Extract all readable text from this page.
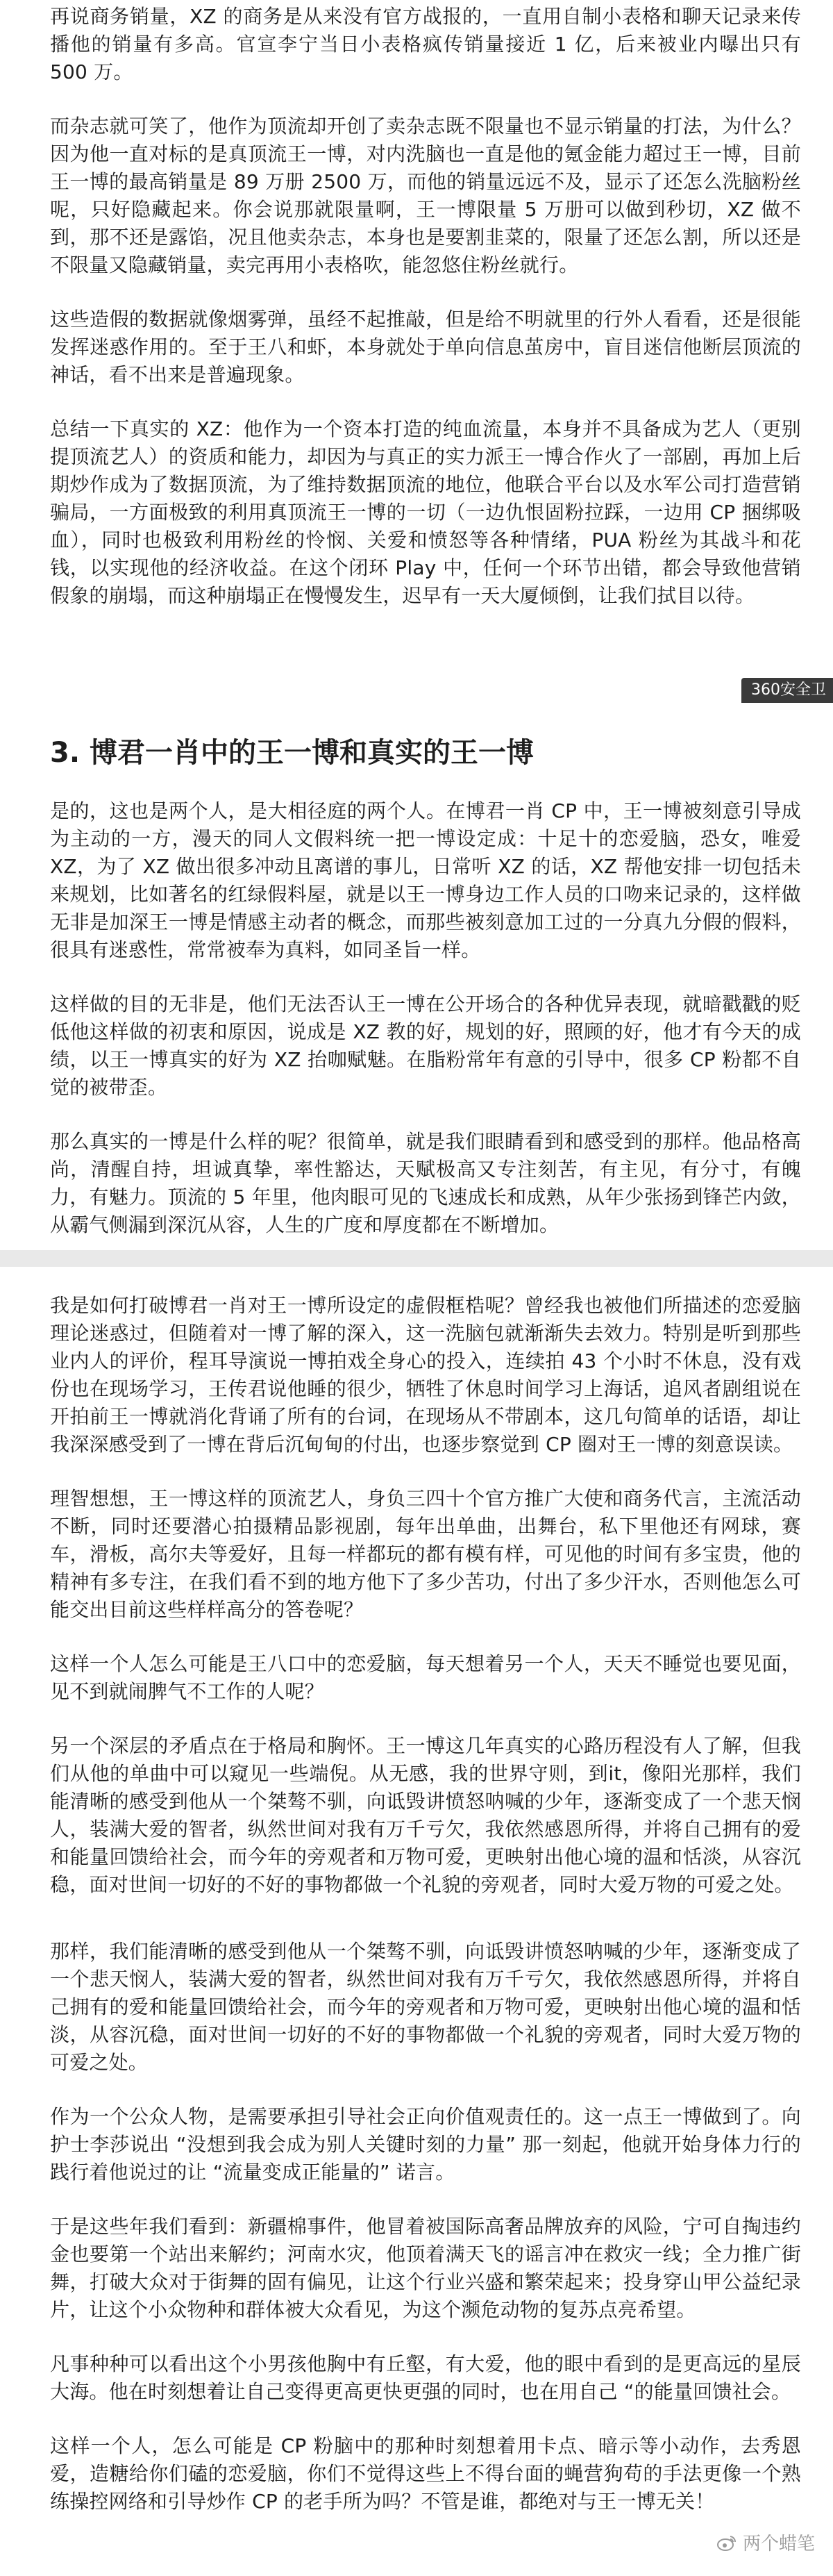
再说商务销量，XZ 的商务是从来没有官方战报的，一直用自制小表格和聊天记录来传播他的销量有多高。官宣李宁当日小表格疯传销量接近 1 亿，后来被业内曝出只有 500 万。

而杂志就可笑了，他作为顶流却开创了卖杂志既不限量也不显示销量的打法，为什么？因为他一直对标的是真顶流王一博，对内洗脑也一直是他的氪金能力超过王一博，目前王一博的最高销量是 89 万册 2500 万，而他的销量远远不及，显示了还怎么洗脑粉丝呢，只好隐藏起来。你会说那就限量啊，王一博限量 5 万册可以做到秒切，XZ 做不到，那不还是露馅，况且他卖杂志，本身也是要割韭菜的，限量了还怎么割，所以还是不限量又隐藏销量，卖完再用小表格吹，能忽悠住粉丝就行。

这些造假的数据就像烟雾弹，虽经不起推敲，但是给不明就里的行外人看看，还是很能发挥迷惑作用的。至于王八和虾，本身就处于单向信息茧房中，盲目迷信他断层顶流的神话，看不出来是普遍现象。

总结一下真实的 XZ：他作为一个资本打造的纯血流量，本身并不具备成为艺人（更别提顶流艺人）的资质和能力，却因为与真正的实力派王一博合作火了一部剧，再加上后期炒作成为了数据顶流，为了维持数据顶流的地位，他联合平台以及水军公司打造营销骗局，一方面极致的利用真顶流王一博的一切（一边仇恨固粉拉踩，一边用 CP 捆绑吸血），同时也极致利用粉丝的怜悯、关爱和愤怒等各种情绪，PUA 粉丝为其战斗和花钱，以实现他的经济收益。在这个闭环 Play 中，任何一个环节出错，都会导致他营销假象的崩塌，而这种崩塌正在慢慢发生，迟早有一天大厦倾倒，让我们拭目以待。

360安全卫
3. 博君一肖中的王一博和真实的王一博

是的，这也是两个人，是大相径庭的两个人。在博君一肖 CP 中，王一博被刻意引导成为主动的一方，漫天的同人文假料统一把一博设定成：十足十的恋爱脑，恐女，唯爱 XZ，为了 XZ 做出很多冲动且离谱的事儿，日常听 XZ 的话，XZ 帮他安排一切包括未来规划，比如著名的红绿假料屋，就是以王一博身边工作人员的口吻来记录的，这样做无非是加深王一博是情感主动者的概念，而那些被刻意加工过的一分真九分假的假料，很具有迷惑性，常常被奉为真料，如同圣旨一样。

这样做的目的无非是，他们无法否认王一博在公开场合的各种优异表现，就暗戳戳的贬低他这样做的初衷和原因，说成是 XZ 教的好，规划的好，照顾的好，他才有今天的成绩，以王一博真实的好为 XZ 抬咖赋魅。在脂粉常年有意的引导中，很多 CP 粉都不自觉的被带歪。

那么真实的一博是什么样的呢？很简单，就是我们眼睛看到和感受到的那样。他品格高尚，清醒自持，坦诚真挚，率性豁达，天赋极高又专注刻苦，有主见，有分寸，有魄力，有魅力。顶流的 5 年里，他肉眼可见的飞速成长和成熟，从年少张扬到锋芒内敛，从霸气侧漏到深沉从容，人生的广度和厚度都在不断增加。

我是如何打破博君一肖对王一博所设定的虚假框梏呢？曾经我也被他们所描述的恋爱脑理论迷惑过，但随着对一博了解的深入，这一洗脑包就渐渐失去效力。特别是听到那些业内人的评价，程耳导演说一博拍戏全身心的投入，连续拍 43 个小时不休息，没有戏份也在现场学习，王传君说他睡的很少，牺牲了休息时间学习上海话，追风者剧组说在开拍前王一博就消化背诵了所有的台词，在现场从不带剧本，这几句简单的话语，却让我深深感受到了一博在背后沉甸甸的付出，也逐步察觉到 CP 圈对王一博的刻意误读。

理智想想，王一博这样的顶流艺人，身负三四十个官方推广大使和商务代言，主流活动不断，同时还要潜心拍摄精品影视剧，每年出单曲，出舞台，私下里他还有网球，赛车，滑板，高尔夫等爱好，且每一样都玩的都有模有样，可见他的时间有多宝贵，他的精神有多专注，在我们看不到的地方他下了多少苦功，付出了多少汗水，否则他怎么可能交出目前这些样样高分的答卷呢？

这样一个人怎么可能是王八口中的恋爱脑，每天想着另一个人，天天不睡觉也要见面，见不到就闹脾气不工作的人呢？

另一个深层的矛盾点在于格局和胸怀。王一博这几年真实的心路历程没有人了解，但我们从他的单曲中可以窥见一些端倪。从无感，我的世界守则，到it，像阳光那样，我们能清晰的感受到他从一个桀骜不驯，向诋毁讲愤怒呐喊的少年，逐渐变成了一个悲天悯人，装满大爱的智者，纵然世间对我有万千亏欠，我依然感恩所得，并将自己拥有的爱和能量回馈给社会，而今年的旁观者和万物可爱，更映射出他心境的温和恬淡，从容沉稳，面对世间一切好的不好的事物都做一个礼貌的旁观者，同时大爱万物的可爱之处。

那样，我们能清晰的感受到他从一个桀骜不驯，向诋毁讲愤怒呐喊的少年，逐渐变成了一个悲天悯人，装满大爱的智者，纵然世间对我有万千亏欠，我依然感恩所得，并将自己拥有的爱和能量回馈给社会，而今年的旁观者和万物可爱，更映射出他心境的温和恬淡，从容沉稳，面对世间一切好的不好的事物都做一个礼貌的旁观者，同时大爱万物的可爱之处。

作为一个公众人物，是需要承担引导社会正向价值观责任的。这一点王一博做到了。向护士李莎说出 “没想到我会成为别人关键时刻的力量” 那一刻起，他就开始身体力行的践行着他说过的让 “流量变成正能量的” 诺言。

于是这些年我们看到：新疆棉事件，他冒着被国际高奢品牌放弃的风险，宁可自掏违约金也要第一个站出来解约；河南水灾，他顶着满天飞的谣言冲在救灾一线；全力推广街舞，打破大众对于街舞的固有偏见，让这个行业兴盛和繁荣起来；投身穿山甲公益纪录片，让这个小众物种和群体被大众看见，为这个濒危动物的复苏点亮希望。

凡事种种可以看出这个小男孩他胸中有丘壑，有大爱，他的眼中看到的是更高远的星辰大海。他在时刻想着让自己变得更高更快更强的同时，也在用自己 “的能量回馈社会。

这样一个人，怎么可能是 CP 粉脑中的那种时刻想着用卡点、暗示等小动作，去秀恩爱，造糖给你们磕的恋爱脑，你们不觉得这些上不得台面的蝇营狗苟的手法更像一个熟练操控网络和引导炒作 CP 的老手所为吗？不管是谁，都绝对与王一博无关！

两个蜡笔
